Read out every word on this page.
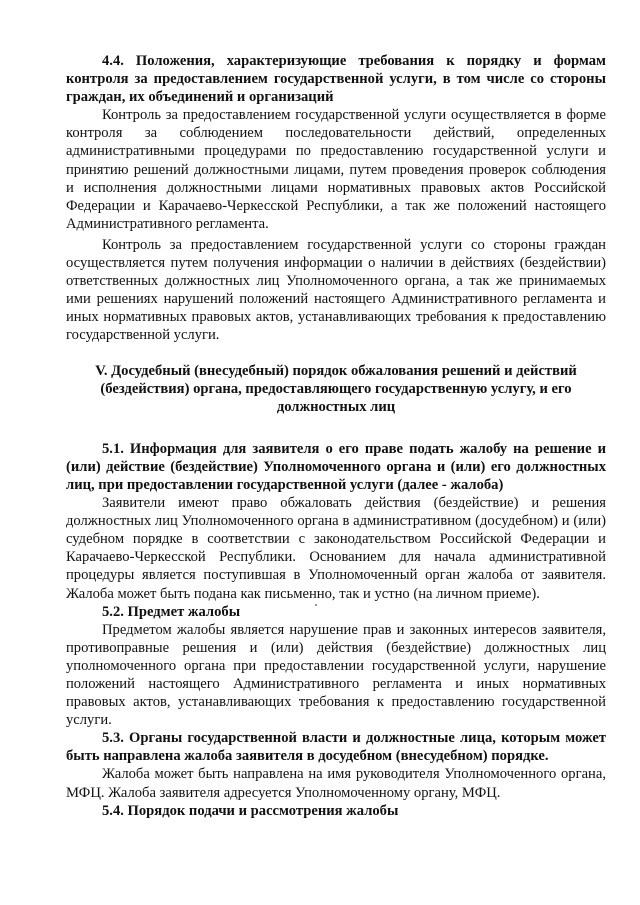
4.4. Положения, характеризующие требования к порядку и формам контроля за предоставлением государственной услуги, в том числе со стороны граждан, их объединений и организаций

Контроль за предоставлением государственной услуги осуществляется в форме контроля за соблюдением последовательности действий, определенных административными процедурами по предоставлению государственной услуги и принятию решений должностными лицами, путем проведения проверок соблюдения и исполнения должностными лицами нормативных правовых актов Российской Федерации и Карачаево-Черкесской Республики, а так же положений настоящего Административного регламента.

Контроль за предоставлением государственной услуги со стороны граждан осуществляется путем получения информации о наличии в действиях (бездействии) ответственных должностных лиц Уполномоченного органа, а так же принимаемых ими решениях нарушений положений настоящего Административного регламента и иных нормативных правовых актов, устанавливающих требования к предоставлению государственной услуги.

V. Досудебный (внесудебный) порядок обжалования решений и действий (бездействия) органа, предоставляющего государственную услугу, и его должностных лиц

5.1. Информация для заявителя о его праве подать жалобу на решение и (или) действие (бездействие) Уполномоченного органа и (или) его должностных лиц, при предоставлении государственной услуги (далее - жалоба)

Заявители имеют право обжаловать действия (бездействие) и решения должностных лиц Уполномоченного органа в административном (досудебном) и (или) судебном порядке в соответствии с законодательством Российской Федерации и Карачаево-Черкесской Республики. Основанием для начала административной процедуры является поступившая в Уполномоченный орган жалоба от заявителя. Жалоба может быть подана как письменно, так и устно (на личном приеме).

5.2. Предмет жалобы

Предметом жалобы является нарушение прав и законных интересов заявителя, противоправные решения и (или) действия (бездействие) должностных лиц уполномоченного органа при предоставлении государственной услуги, нарушение положений настоящего Административного регламента и иных нормативных правовых актов, устанавливающих требования к предоставлению государственной услуги.

5.3. Органы государственной власти и должностные лица, которым может быть направлена жалоба заявителя в досудебном (внесудебном) порядке.

Жалоба может быть направлена на имя руководителя Уполномоченного органа, МФЦ. Жалоба заявителя адресуется Уполномоченному органу, МФЦ.

5.4. Порядок подачи и рассмотрения жалобы
